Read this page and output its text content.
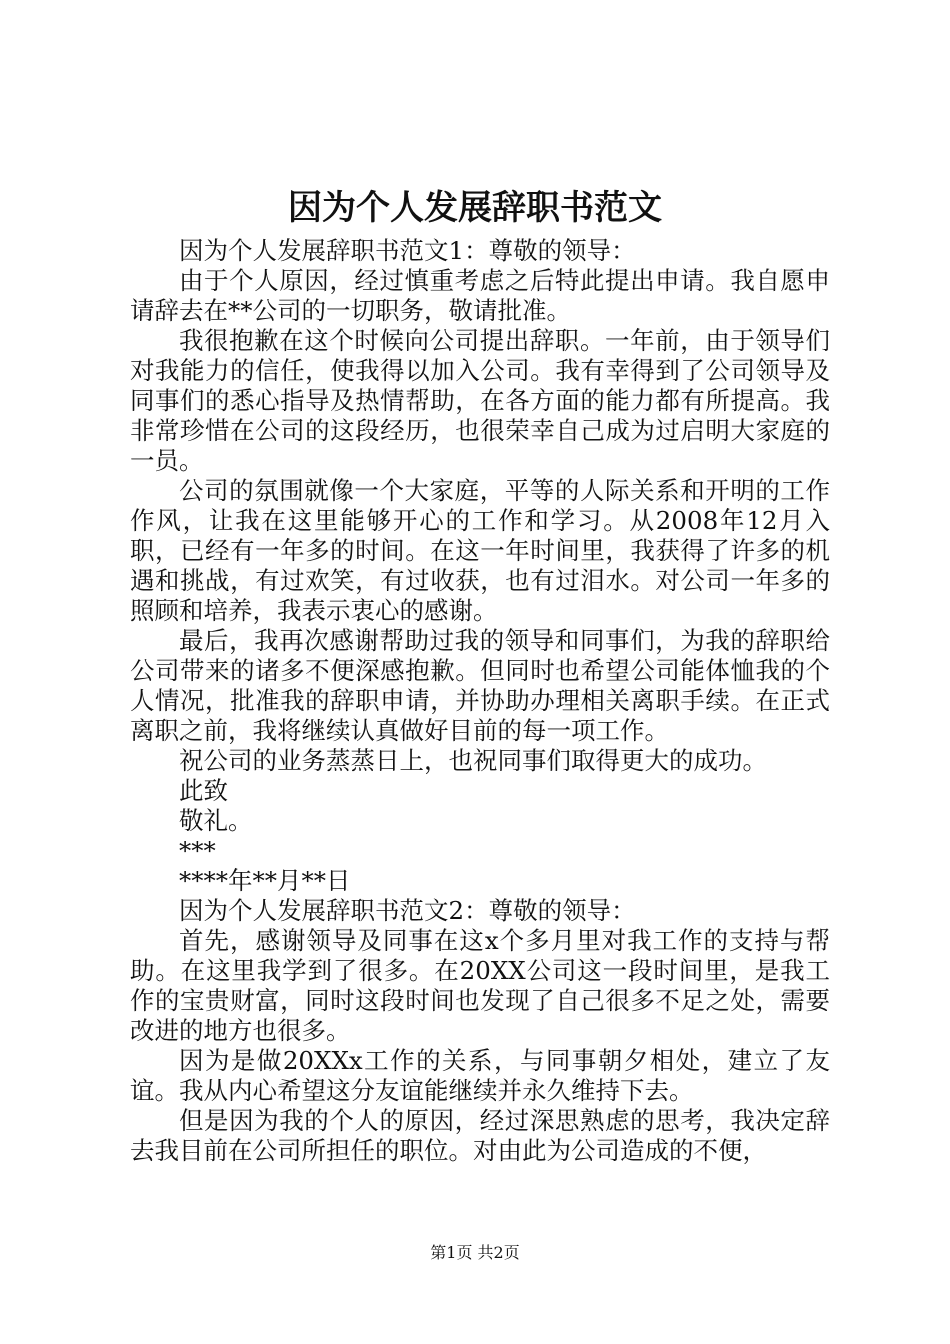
因为个人发展辞职书范文

因为个人发展辞职书范文1：尊敬的领导：

由于个人原因，经过慎重考虑之后特此提出申请。我自愿申请辞去在**公司的一切职务，敬请批准。

我很抱歉在这个时候向公司提出辞职。一年前，由于领导们对我能力的信任，使我得以加入公司。我有幸得到了公司领导及同事们的悉心指导及热情帮助，在各方面的能力都有所提高。我非常珍惜在公司的这段经历，也很荣幸自己成为过启明大家庭的一员。

公司的氛围就像一个大家庭，平等的人际关系和开明的工作作风，让我在这里能够开心的工作和学习。从2008年12月入职，已经有一年多的时间。在这一年时间里，我获得了许多的机遇和挑战，有过欢笑，有过收获，也有过泪水。对公司一年多的照顾和培养，我表示衷心的感谢。

最后，我再次感谢帮助过我的领导和同事们，为我的辞职给公司带来的诸多不便深感抱歉。但同时也希望公司能体恤我的个人情况，批准我的辞职申请，并协助办理相关离职手续。在正式离职之前，我将继续认真做好目前的每一项工作。

祝公司的业务蒸蒸日上，也祝同事们取得更大的成功。

此致

敬礼。

***

****年**月**日

因为个人发展辞职书范文2：尊敬的领导：

首先，感谢领导及同事在这x个多月里对我工作的支持与帮助。在这里我学到了很多。在20XX公司这一段时间里，是我工作的宝贵财富，同时这段时间也发现了自己很多不足之处，需要改进的地方也很多。

因为是做20XXx工作的关系，与同事朝夕相处，建立了友谊。我从内心希望这分友谊能继续并永久维持下去。

但是因为我的个人的原因，经过深思熟虑的思考，我决定辞去我目前在公司所担任的职位。对由此为公司造成的不便，

第1页 共2页
